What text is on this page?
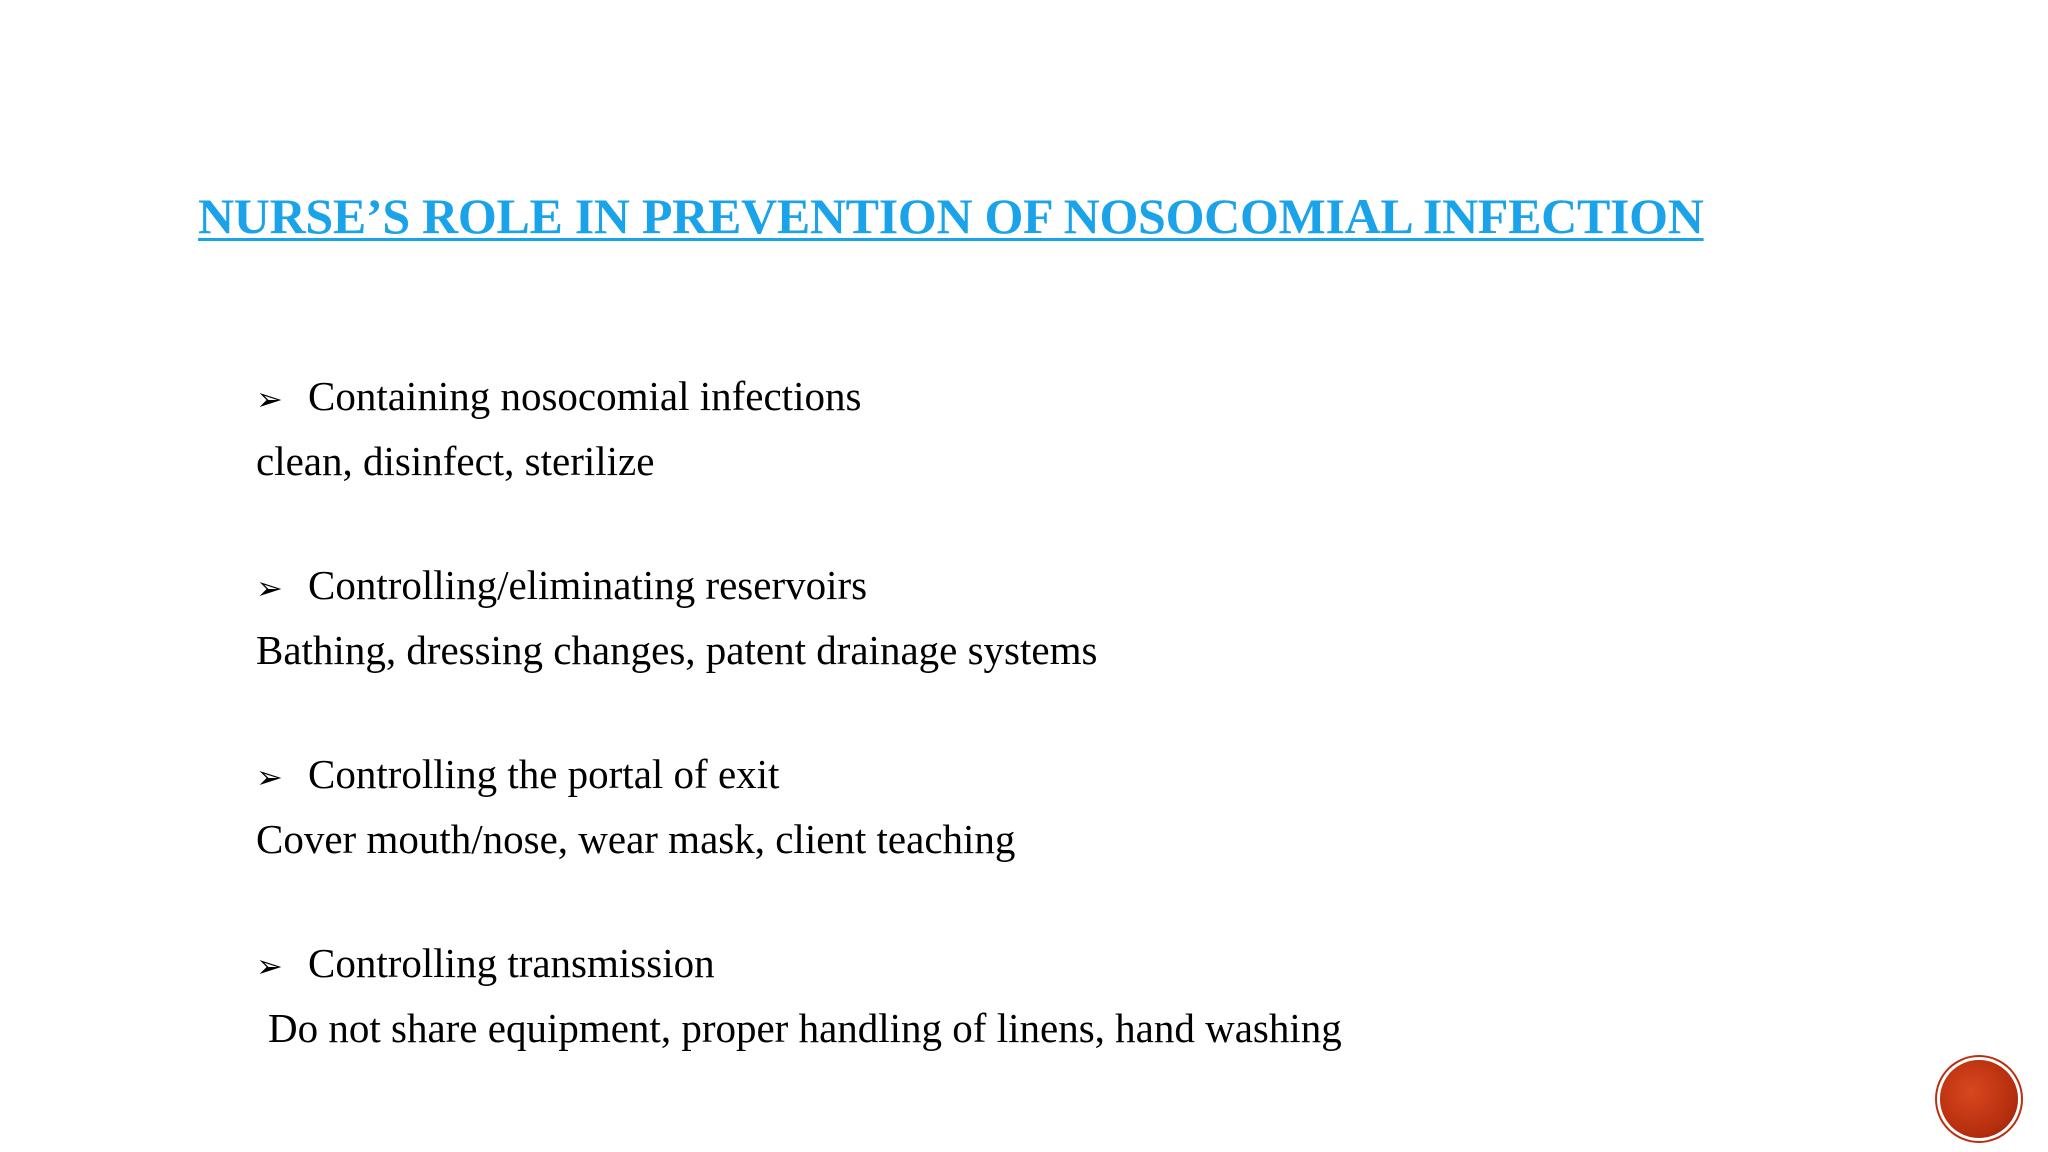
NURSE’S ROLE IN PREVENTION OF NOSOCOMIAL INFECTION
➢ Containing nosocomial infections
clean, disinfect, sterilize
➢ Controlling/eliminating reservoirs
Bathing, dressing changes, patent drainage systems
➢ Controlling the portal of exit
Cover mouth/nose, wear mask, client teaching
➢ Controlling transmission
Do not share equipment, proper handling of linens, hand washing
